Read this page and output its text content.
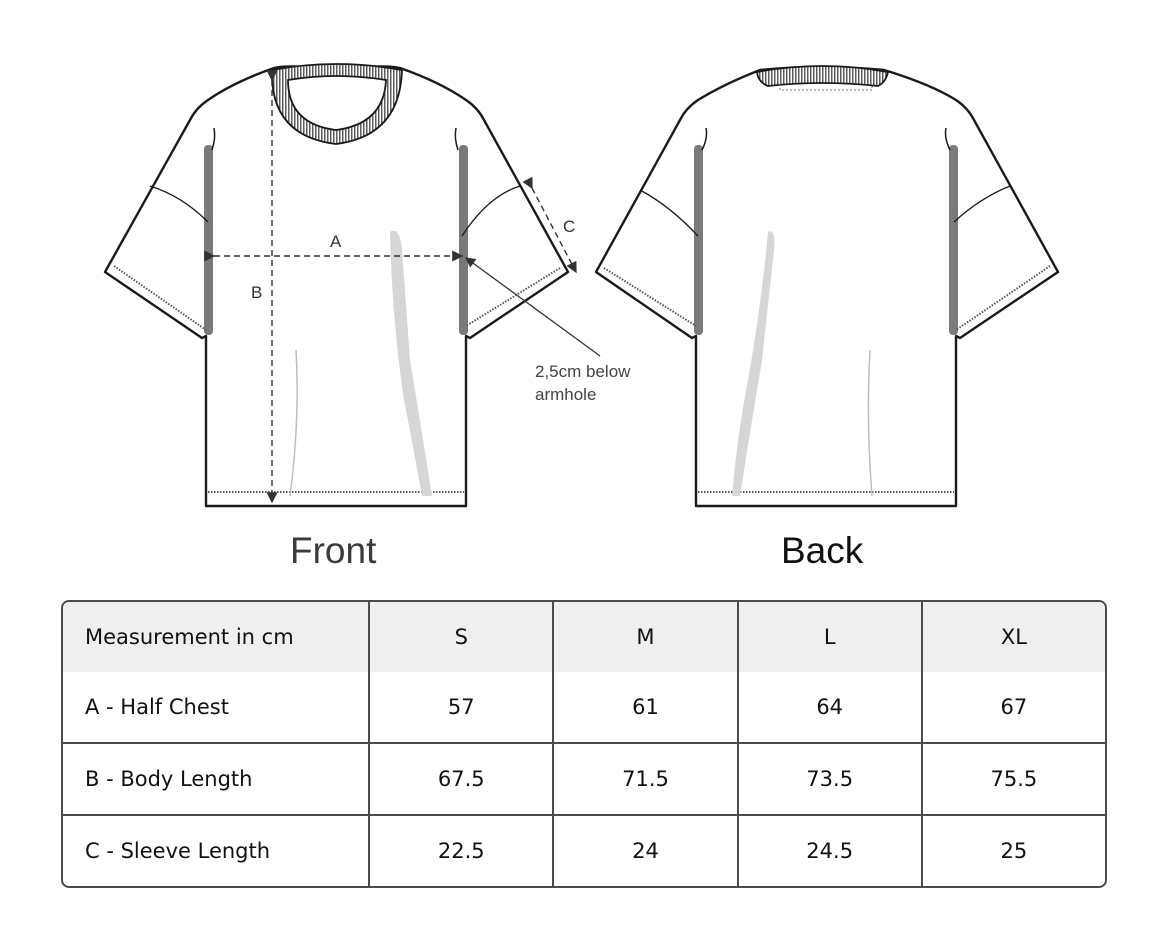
A
B
C
2,5cm below
armhole
Front	Back
Measurement in cm	S	M	L	XL
A - Half Chest	57	61	64	67
B - Body Length	67.5	71.5	73.5	75.5
C - Sleeve Length	22.5	24	24.5	25
